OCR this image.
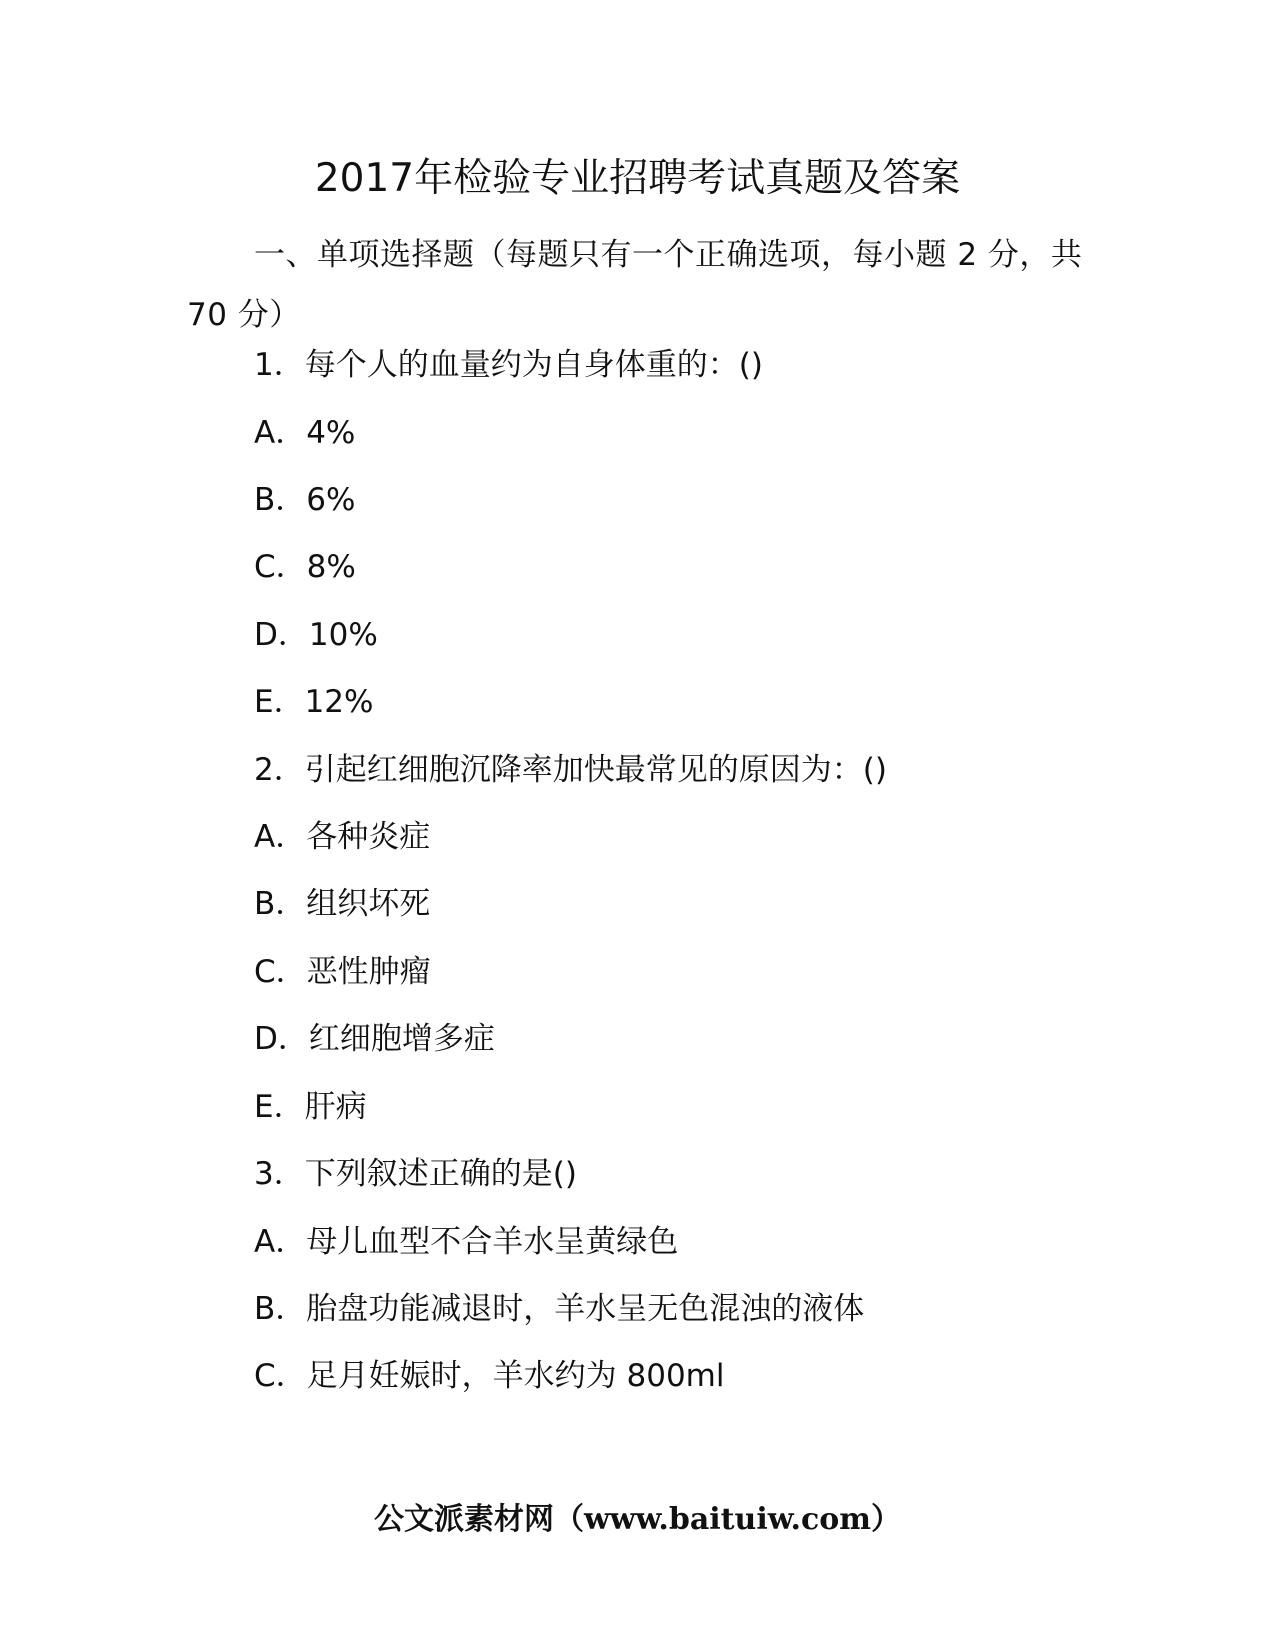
2017年检验专业招聘考试真题及答案
一、单项选择题（每题只有一个正确选项，每小题 2 分，共 70 分）
1．每个人的血量约为自身体重的：()
A．4%
B．6%
C．8%
D．10%
E．12%
2．引起红细胞沉降率加快最常见的原因为：()
A．各种炎症
B．组织坏死
C．恶性肿瘤
D．红细胞增多症
E．肝病
3．下列叙述正确的是()
A．母儿血型不合羊水呈黄绿色
B．胎盘功能减退时，羊水呈无色混浊的液体
C．足月妊娠时，羊水约为 800ml
公文派素材网（www.baituiw.com）
